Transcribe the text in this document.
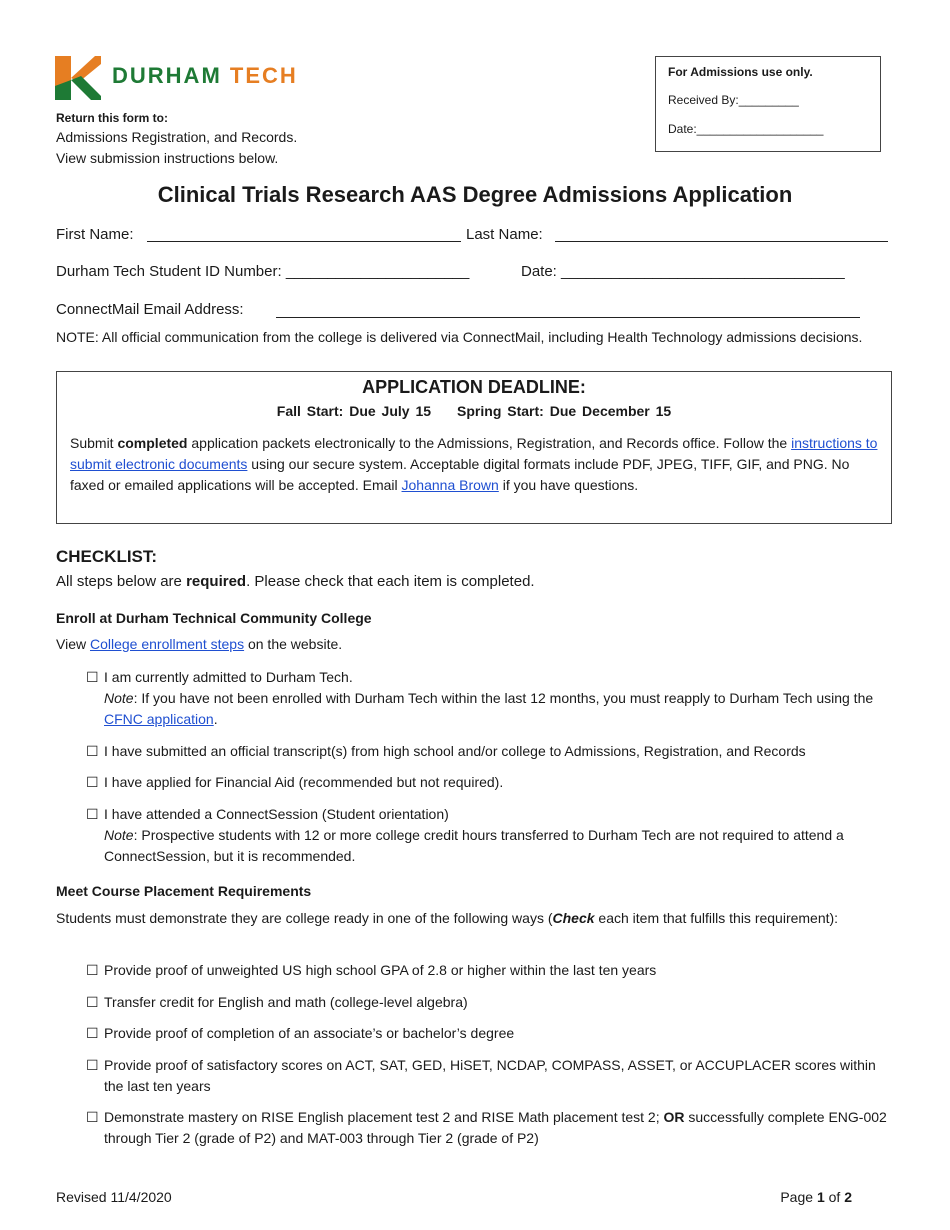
DURHAM TECH
Return this form to:
Admissions Registration, and Records.
View submission instructions below.
For Admissions use only.
Received By:_________
Date:___________________
Clinical Trials Research AAS Degree Admissions Application
First Name:	Last Name:
Durham Tech Student ID Number: ______________________	Date: __________________________________
ConnectMail Email Address:
NOTE: All official communication from the college is delivered via ConnectMail, including Health Technology admissions decisions.
APPLICATION DEADLINE:
Fall Start: Due July 15 Spring Start: Due December 15
Submit completed application packets electronically to the Admissions, Registration, and Records office. Follow the instructions to submit electronic documents using our secure system. Acceptable digital formats include PDF, JPEG, TIFF, GIF, and PNG. No faxed or emailed applications will be accepted. Email Johanna Brown if you have questions.
CHECKLIST:
All steps below are required. Please check that each item is completed.
Enroll at Durham Technical Community College
View College enrollment steps on the website.
☐ I am currently admitted to Durham Tech.
Note: If you have not been enrolled with Durham Tech within the last 12 months, you must reapply to Durham Tech using the CFNC application.
☐ I have submitted an official transcript(s) from high school and/or college to Admissions, Registration, and Records
☐ I have applied for Financial Aid (recommended but not required).
☐ I have attended a ConnectSession (Student orientation)
Note: Prospective students with 12 or more college credit hours transferred to Durham Tech are not required to attend a ConnectSession, but it is recommended.
Meet Course Placement Requirements
Students must demonstrate they are college ready in one of the following ways (Check each item that fulfills this requirement):
☐ Provide proof of unweighted US high school GPA of 2.8 or higher within the last ten years
☐ Transfer credit for English and math (college-level algebra)
☐ Provide proof of completion of an associate’s or bachelor’s degree
☐ Provide proof of satisfactory scores on ACT, SAT, GED, HiSET, NCDAP, COMPASS, ASSET, or ACCUPLACER scores within the last ten years
☐ Demonstrate mastery on RISE English placement test 2 and RISE Math placement test 2; OR successfully complete ENG-002 through Tier 2 (grade of P2) and MAT-003 through Tier 2 (grade of P2)
Revised 11/4/2020	Page 1 of 2
